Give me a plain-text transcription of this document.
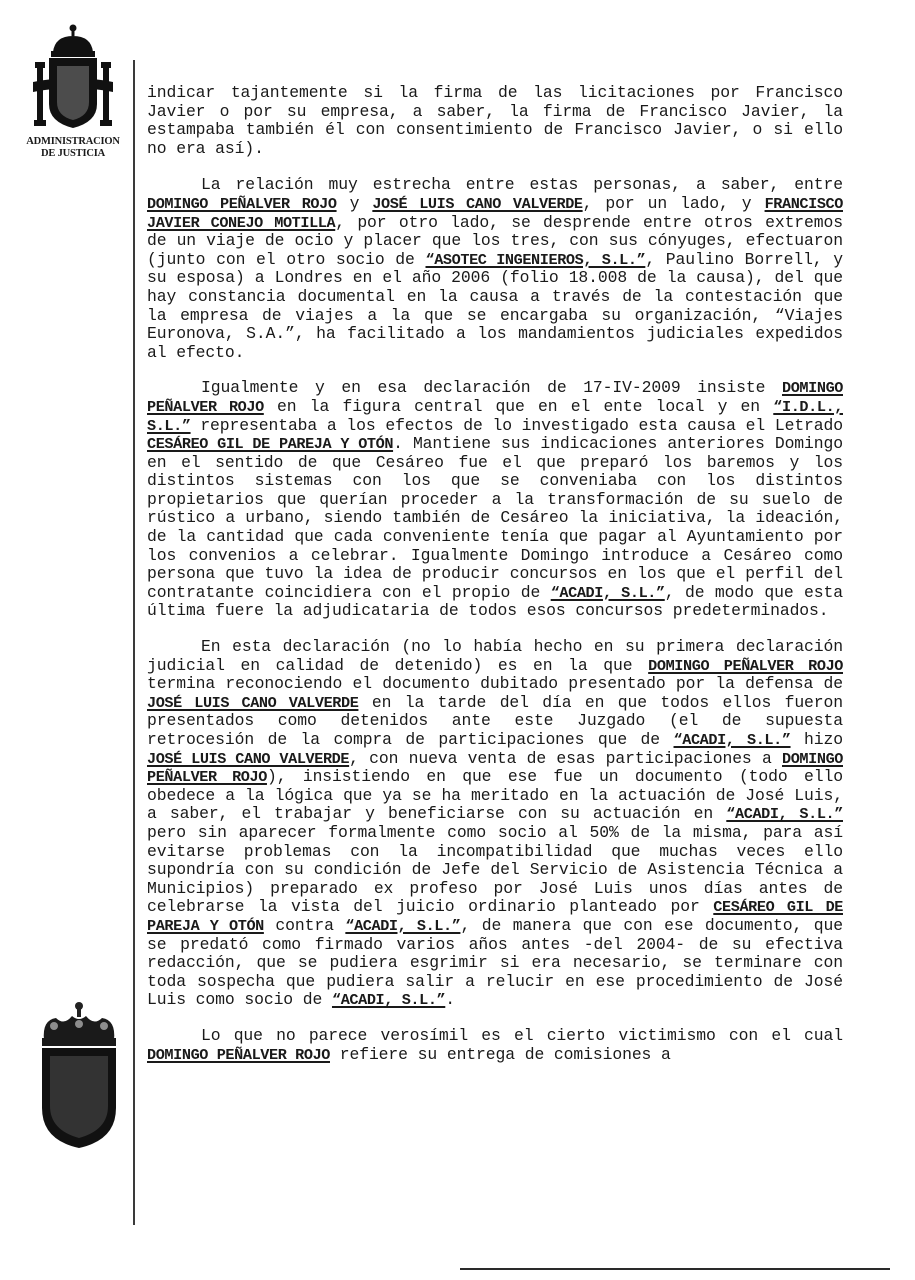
ADMINISTRACION DE JUSTICIA

indicar tajantemente si la firma de las licitaciones por Francisco Javier o por su empresa, a saber, la firma de Francisco Javier, la estampaba también él con consentimiento de Francisco Javier, o si ello no era así).

La relación muy estrecha entre estas personas, a saber, entre DOMINGO PEÑALVER ROJO y JOSÉ LUIS CANO VALVERDE, por un lado, y FRANCISCO JAVIER CONEJO MOTILLA, por otro lado, se desprende entre otros extremos de un viaje de ocio y placer que los tres, con sus cónyuges, efectuaron (junto con el otro socio de “ASOTEC INGENIEROS, S.L.”, Paulino Borrell, y su esposa) a Londres en el año 2006 (folio 18.008 de la causa), del que hay constancia documental en la causa a través de la contestación que la empresa de viajes a la que se encargaba su organización, “Viajes Euronova, S.A.”, ha facilitado a los mandamientos judiciales expedidos al efecto.

Igualmente y en esa declaración de 17-IV-2009 insiste DOMINGO PEÑALVER ROJO en la figura central que en el ente local y en “I.D.L., S.L.” representaba a los efectos de lo investigado esta causa el Letrado CESÁREO GIL DE PAREJA Y OTÓN. Mantiene sus indicaciones anteriores Domingo en el sentido de que Cesáreo fue el que preparó los baremos y los distintos sistemas con los que se conveniaba con los distintos propietarios que querían proceder a la transformación de su suelo de rústico a urbano, siendo también de Cesáreo la iniciativa, la ideación, de la cantidad que cada conveniente tenía que pagar al Ayuntamiento por los convenios a celebrar. Igualmente Domingo introduce a Cesáreo como persona que tuvo la idea de producir concursos en los que el perfil del contratante coincidiera con el propio de “ACADI, S.L.”, de modo que esta última fuere la adjudicataria de todos esos concursos predeterminados.

En esta declaración (no lo había hecho en su primera declaración judicial en calidad de detenido) es en la que DOMINGO PEÑALVER ROJO termina reconociendo el documento dubitado presentado por la defensa de JOSÉ LUIS CANO VALVERDE en la tarde del día en que todos ellos fueron presentados como detenidos ante este Juzgado (el de supuesta retrocesión de la compra de participaciones que de “ACADI, S.L.” hizo JOSÉ LUIS CANO VALVERDE, con nueva venta de esas participaciones a DOMINGO PEÑALVER ROJO), insistiendo en que ese fue un documento (todo ello obedece a la lógica que ya se ha meritado en la actuación de José Luis, a saber, el trabajar y beneficiarse con su actuación en “ACADI, S.L.” pero sin aparecer formalmente como socio al 50% de la misma, para así evitarse problemas con la incompatibilidad que muchas veces ello supondría con su condición de Jefe del Servicio de Asistencia Técnica a Municipios) preparado ex profeso por José Luis unos días antes de celebrarse la vista del juicio ordinario planteado por CESÁREO GIL DE PAREJA Y OTÓN contra “ACADI, S.L.”, de manera que con ese documento, que se predató como firmado varios años antes -del 2004- de su efectiva redacción, que se pudiera esgrimir si era necesario, se terminare con toda sospecha que pudiera salir a relucir en ese procedimiento de José Luis como socio de “ACADI, S.L.”.

Lo que no parece verosímil es el cierto victimismo con el cual DOMINGO PEÑALVER ROJO refiere su entrega de comisiones a
